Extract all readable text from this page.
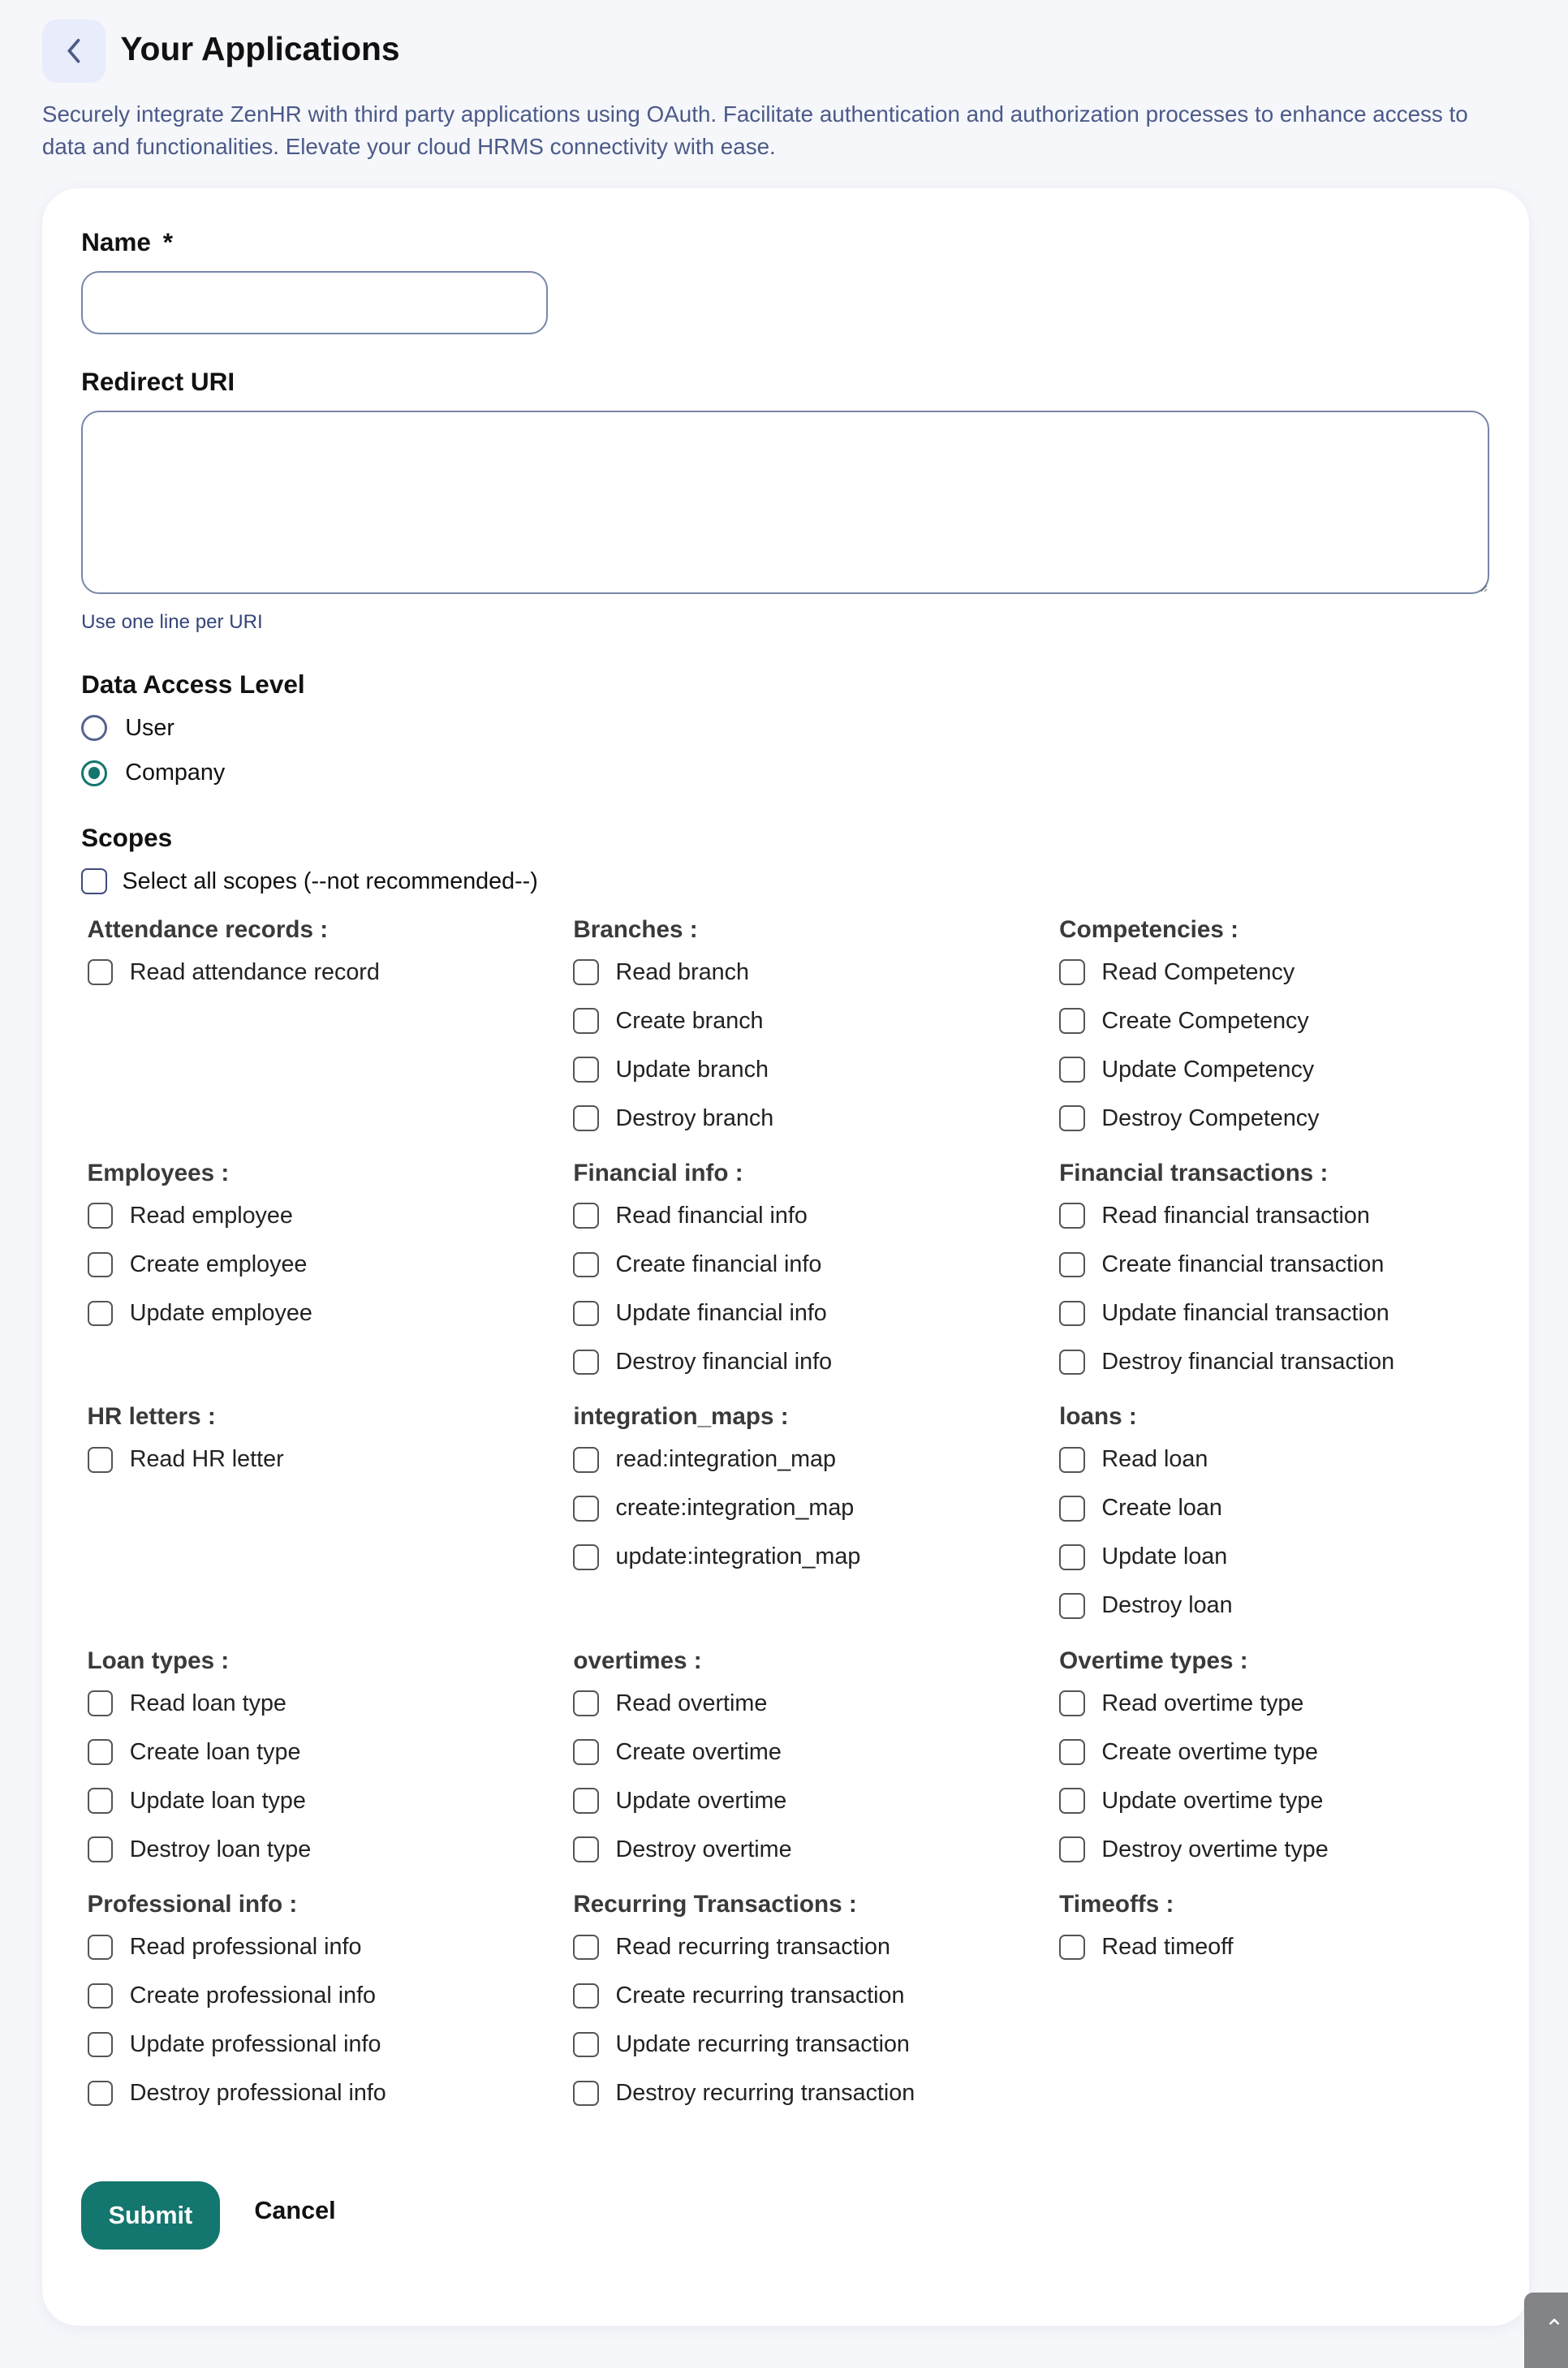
Your Applications
Securely integrate ZenHR with third party applications using OAuth. Facilitate authentication and authorization processes to enhance access to data and functionalities. Elevate your cloud HRMS connectivity with ease.
Name *
Redirect URI
Use one line per URI
Data Access Level
User
Company
Scopes
Select all scopes (--not recommended--)
Attendance records :
Read attendance record
Branches :
Read branch
Create branch
Update branch
Destroy branch
Competencies :
Read Competency
Create Competency
Update Competency
Destroy Competency
Employees :
Read employee
Create employee
Update employee
Financial info :
Read financial info
Create financial info
Update financial info
Destroy financial info
Financial transactions :
Read financial transaction
Create financial transaction
Update financial transaction
Destroy financial transaction
HR letters :
Read HR letter
integration_maps :
read:integration_map
create:integration_map
update:integration_map
loans :
Read loan
Create loan
Update loan
Destroy loan
Loan types :
Read loan type
Create loan type
Update loan type
Destroy loan type
overtimes :
Read overtime
Create overtime
Update overtime
Destroy overtime
Overtime types :
Read overtime type
Create overtime type
Update overtime type
Destroy overtime type
Professional info :
Read professional info
Create professional info
Update professional info
Destroy professional info
Recurring Transactions :
Read recurring transaction
Create recurring transaction
Update recurring transaction
Destroy recurring transaction
Timeoffs :
Read timeoff
Submit	Cancel
⌃
